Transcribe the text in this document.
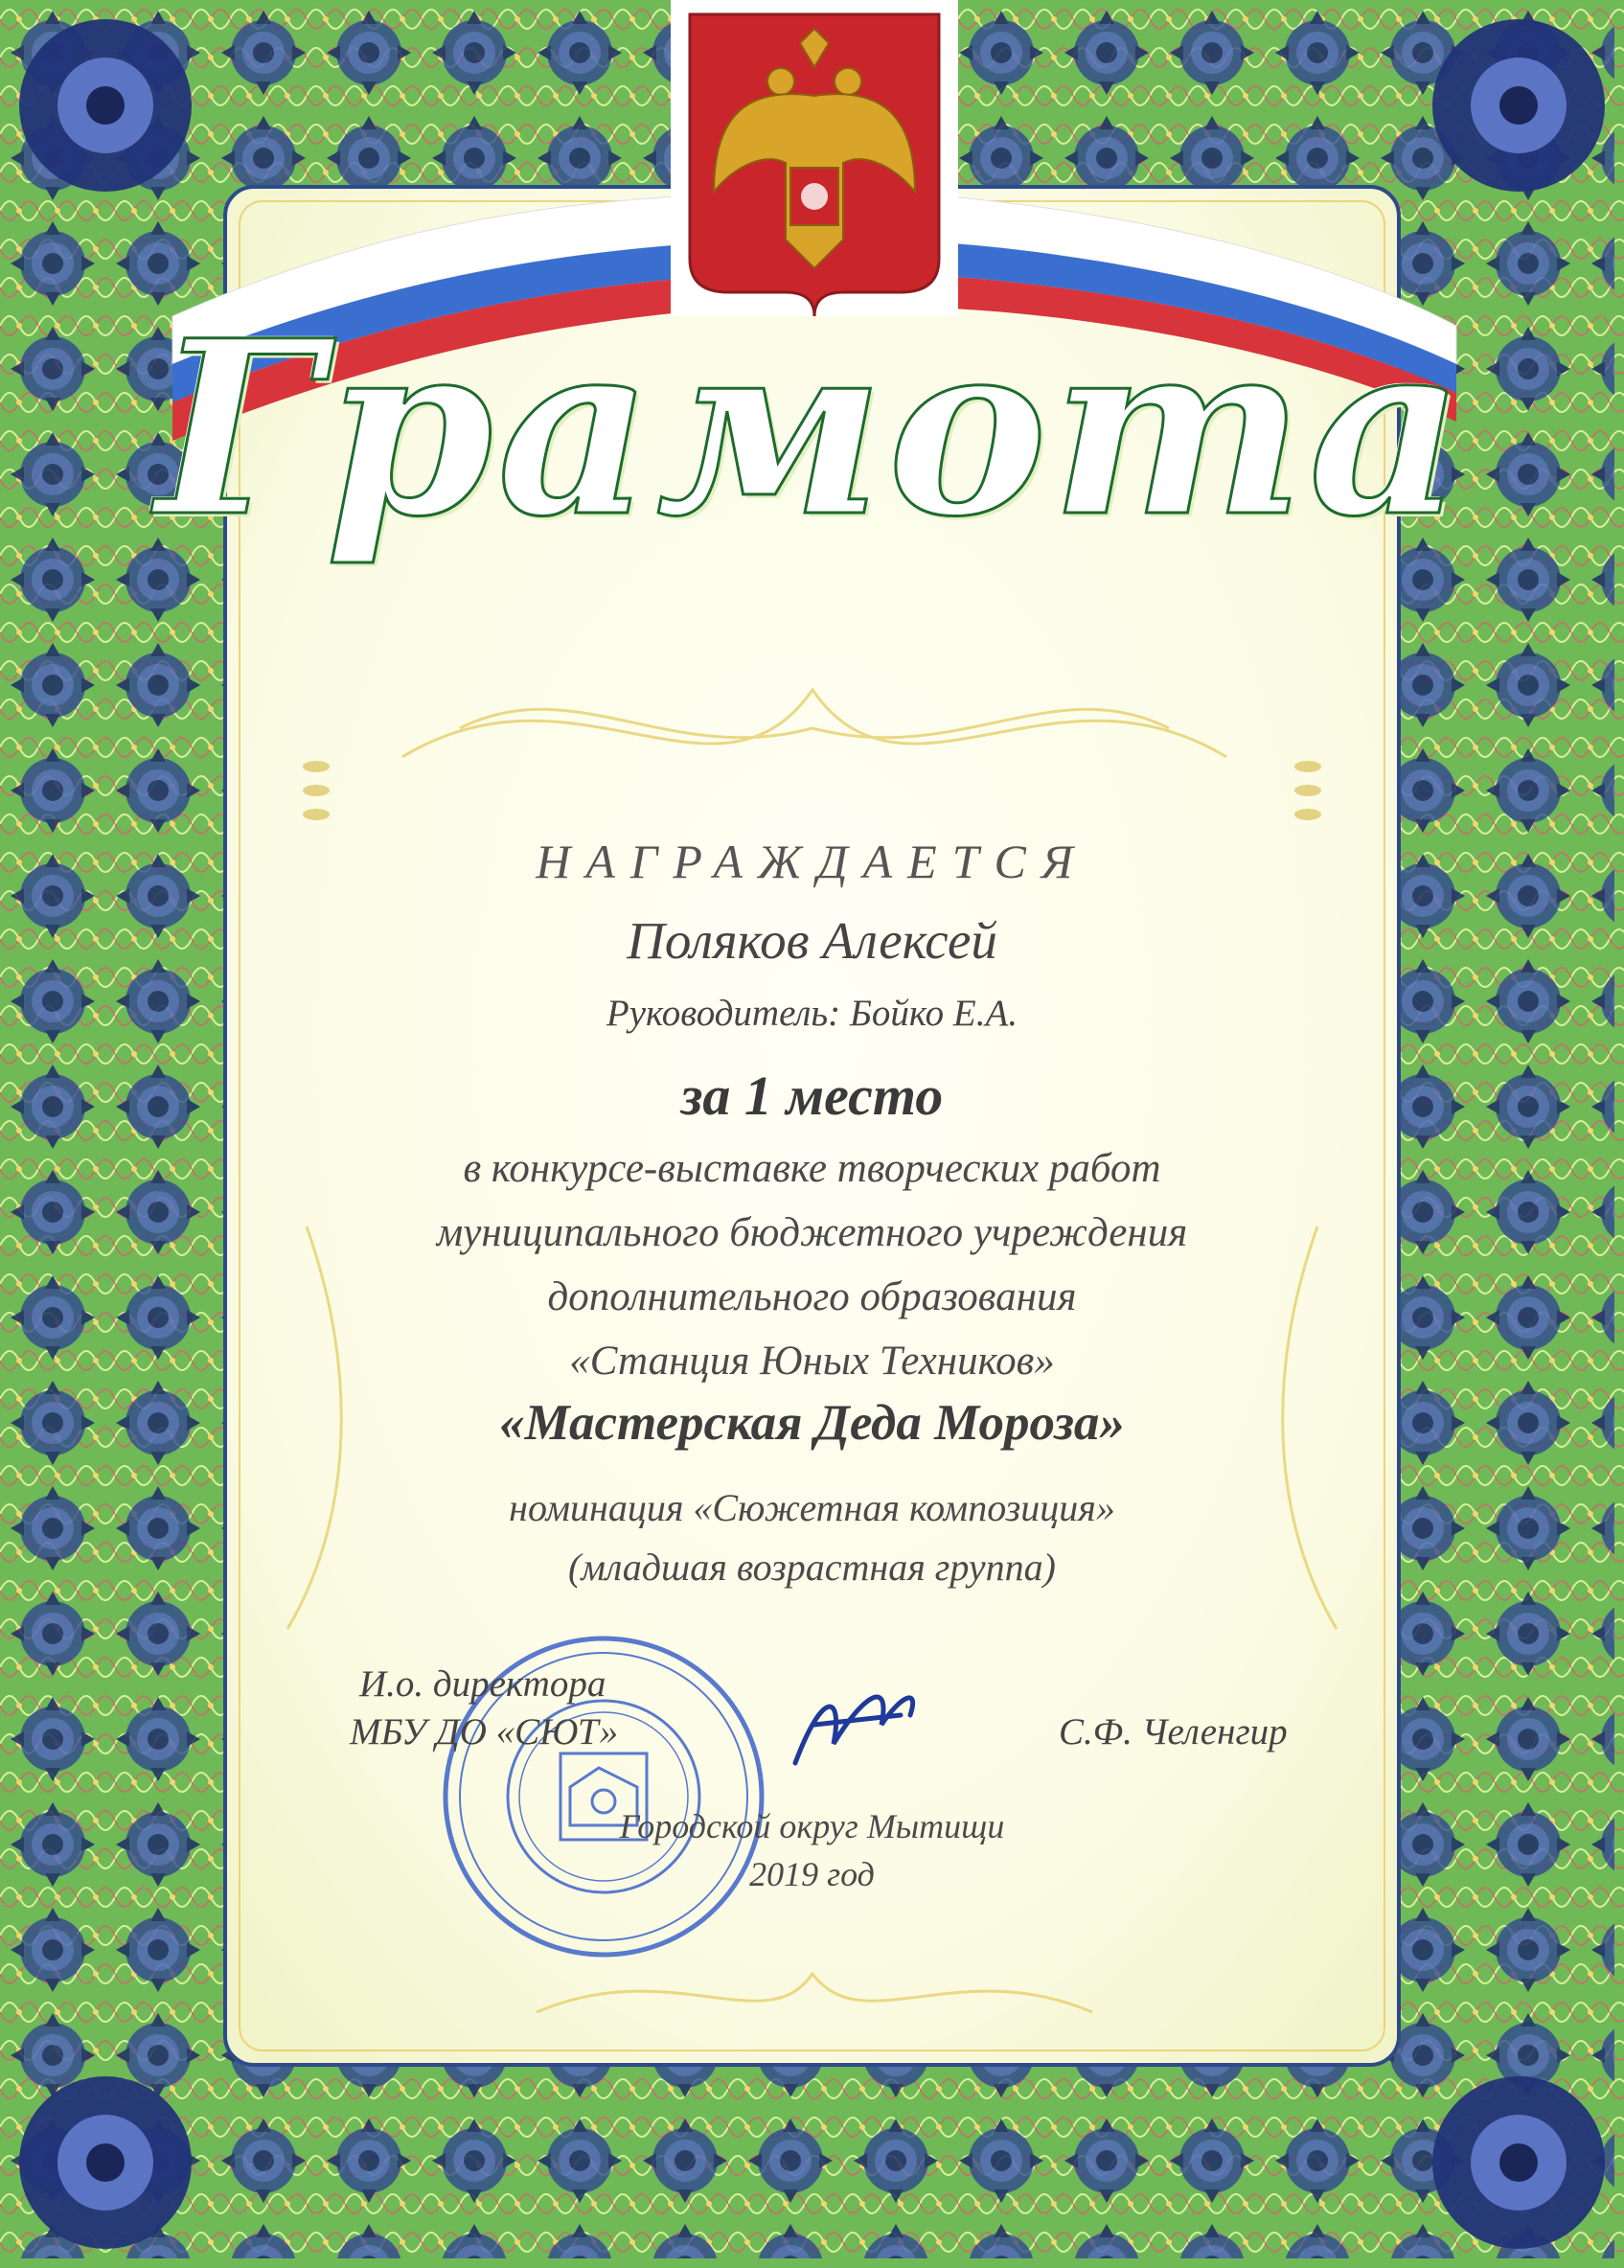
Грамота

НАГРАЖДАЕТСЯ

Поляков Алексей

Руководитель: Бойко Е.А.

за 1 место

в конкурсе-выставке творческих работ

муниципального бюджетного учреждения

дополнительного образования

«Станция Юных Техников»

«Мастерская Деда Мороза»

номинация «Сюжетная композиция»

(младшая возрастная группа)

И.о. директора
МБУ ДО «СЮТ»	С.Ф. Челенгир

Городской округ Мытищи

2019 год
